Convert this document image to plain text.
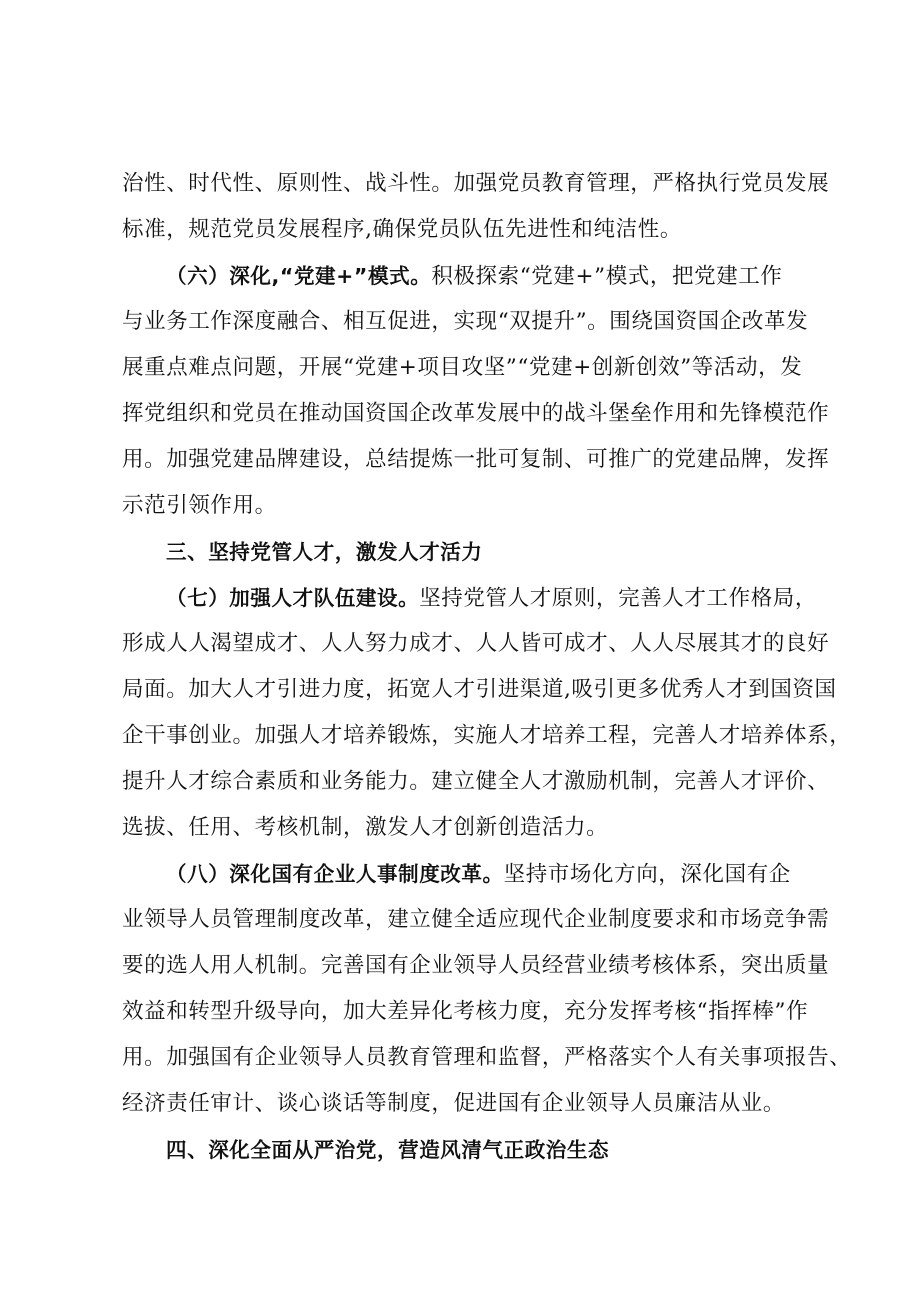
治性、时代性、原则性、战斗性。加强党员教育管理，严格执行党员发展
标准，规范党员发展程序,确保党员队伍先进性和纯洁性。
（六）深化,“党建+”模式。积极探索“党建+”模式，把党建工作
与业务工作深度融合、相互促进，实现“双提升”。围绕国资国企改革发
展重点难点问题，开展“党建+项目攻坚”“党建+创新创效”等活动，发
挥党组织和党员在推动国资国企改革发展中的战斗堡垒作用和先锋模范作
用。加强党建品牌建设，总结提炼一批可复制、可推广的党建品牌，发挥
示范引领作用。
三、坚持党管人才，激发人才活力
（七）加强人才队伍建设。坚持党管人才原则，完善人才工作格局，
形成人人渴望成才、人人努力成才、人人皆可成才、人人尽展其才的良好
局面。加大人才引进力度，拓宽人才引进渠道,吸引更多优秀人才到国资国
企干事创业。加强人才培养锻炼，实施人才培养工程，完善人才培养体系，
提升人才综合素质和业务能力。建立健全人才激励机制，完善人才评价、
选拔、任用、考核机制，激发人才创新创造活力。
（八）深化国有企业人事制度改革。坚持市场化方向，深化国有企
业领导人员管理制度改革，建立健全适应现代企业制度要求和市场竞争需
要的选人用人机制。完善国有企业领导人员经营业绩考核体系，突出质量
效益和转型升级导向，加大差异化考核力度，充分发挥考核“指挥棒”作
用。加强国有企业领导人员教育管理和监督，严格落实个人有关事项报告、
经济责任审计、谈心谈话等制度，促进国有企业领导人员廉洁从业。
四、深化全面从严治党，营造风清气正政治生态
